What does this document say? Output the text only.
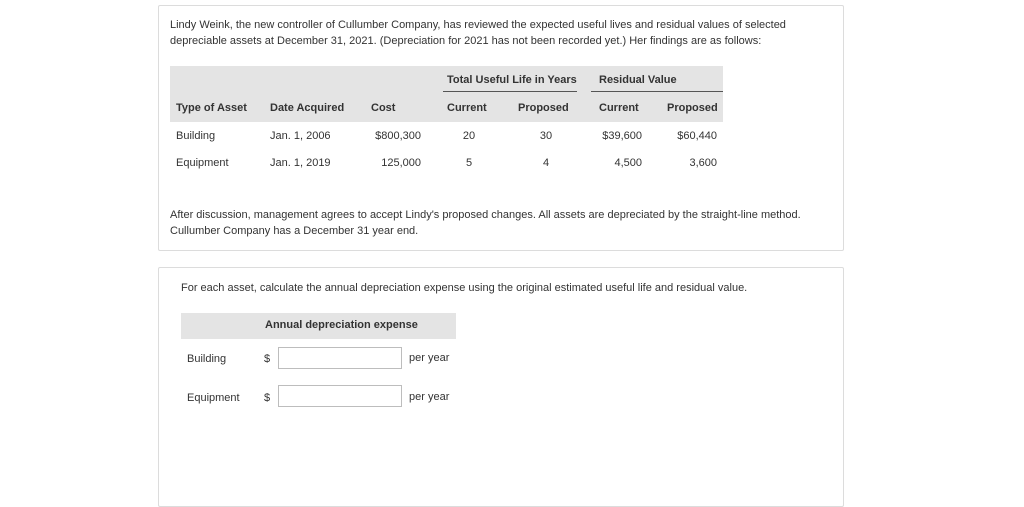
Lindy Weink, the new controller of Cullumber Company, has reviewed the expected useful lives and residual values of selected depreciable assets at December 31, 2021. (Depreciation for 2021 has not been recorded yet.) Her findings are as follows:

Total Useful Life in Years Residual Value
Type of Asset Date Acquired Cost	Current	Proposed	Current	Proposed
Building	Jan. 1, 2006	$800,300	20	30	$39,600	$60,440
Equipment	Jan. 1, 2019	125,000	5	4	4,500	3,600

After discussion, management agrees to accept Lindy's proposed changes. All assets are depreciated by the straight-line method. Cullumber Company has a December 31 year end.

For each asset, calculate the annual depreciation expense using the original estimated useful life and residual value.

Annual depreciation expense
Building	$	per year
Equipment $	per year
